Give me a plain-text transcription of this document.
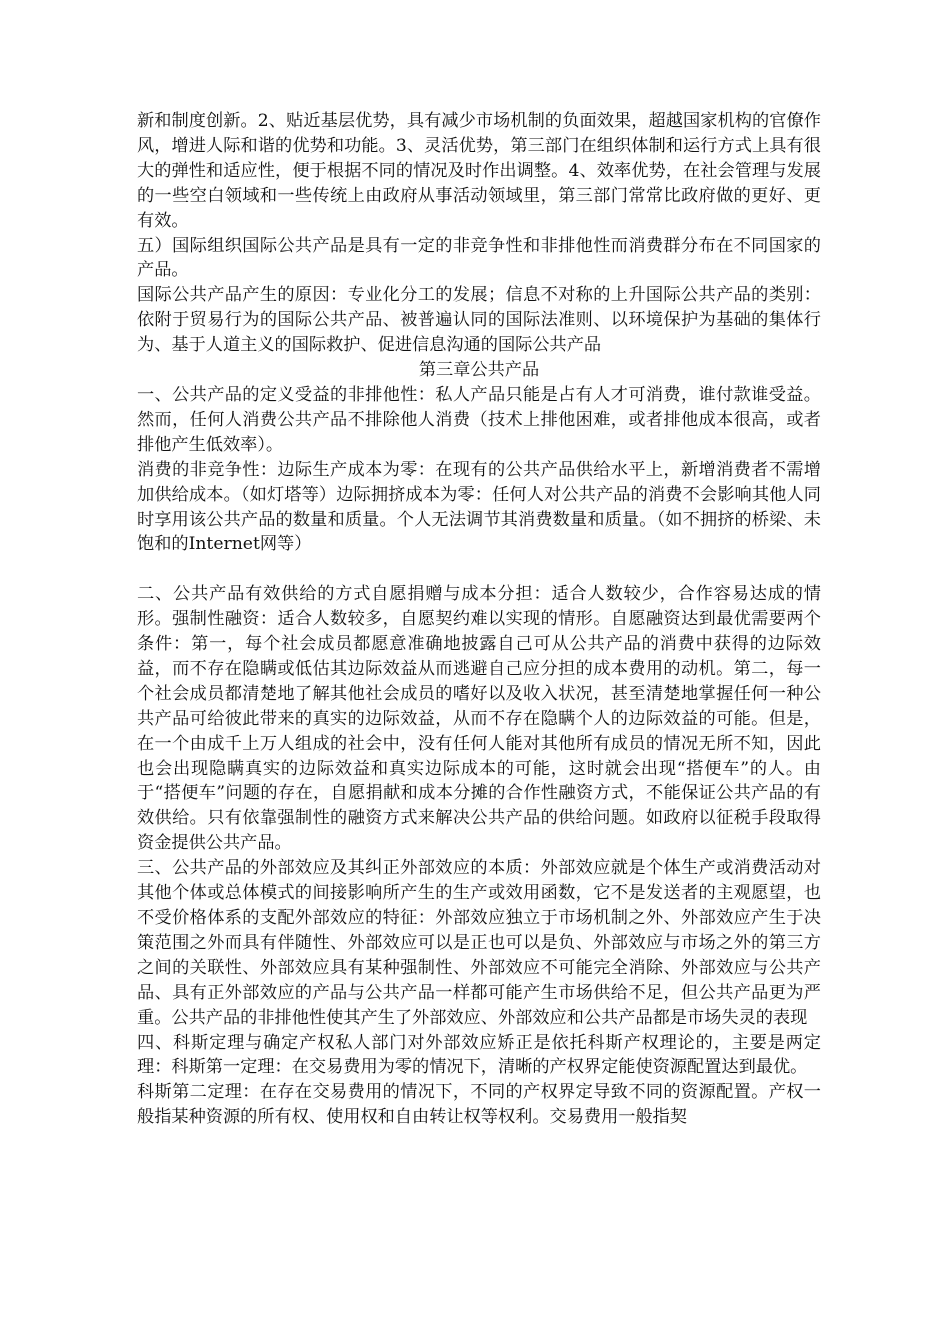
新和制度创新。2、贴近基层优势，具有减少市场机制的负面效果，超越国家机构的官僚作风，增进人际和谐的优势和功能。3、灵活优势，第三部门在组织体制和运行方式上具有很大的弹性和适应性，便于根据不同的情况及时作出调整。4、效率优势，在社会管理与发展的一些空白领域和一些传统上由政府从事活动领域里，第三部门常常比政府做的更好、更有效。

五）国际组织国际公共产品是具有一定的非竞争性和非排他性而消费群分布在不同国家的产品。

国际公共产品产生的原因：专业化分工的发展；信息不对称的上升国际公共产品的类别：依附于贸易行为的国际公共产品、被普遍认同的国际法准则、以环境保护为基础的集体行为、基于人道主义的国际救护、促进信息沟通的国际公共产品

第三章公共产品

一、公共产品的定义受益的非排他性：私人产品只能是占有人才可消费，谁付款谁受益。然而，任何人消费公共产品不排除他人消费（技术上排他困难，或者排他成本很高，或者排他产生低效率）。

消费的非竞争性：边际生产成本为零：在现有的公共产品供给水平上，新增消费者不需增加供给成本。（如灯塔等）边际拥挤成本为零：任何人对公共产品的消费不会影响其他人同时享用该公共产品的数量和质量。个人无法调节其消费数量和质量。（如不拥挤的桥梁、未饱和的Internet网等）

二、公共产品有效供给的方式自愿捐赠与成本分担：适合人数较少，合作容易达成的情形。强制性融资：适合人数较多，自愿契约难以实现的情形。自愿融资达到最优需要两个条件：第一，每个社会成员都愿意准确地披露自己可从公共产品的消费中获得的边际效益，而不存在隐瞒或低估其边际效益从而逃避自己应分担的成本费用的动机。第二，每一个社会成员都清楚地了解其他社会成员的嗜好以及收入状况，甚至清楚地掌握任何一种公共产品可给彼此带来的真实的边际效益，从而不存在隐瞒个人的边际效益的可能。但是，在一个由成千上万人组成的社会中，没有任何人能对其他所有成员的情况无所不知，因此也会出现隐瞒真实的边际效益和真实边际成本的可能，这时就会出现“搭便车”的人。由于“搭便车”问题的存在，自愿捐献和成本分摊的合作性融资方式，不能保证公共产品的有效供给。只有依靠强制性的融资方式来解决公共产品的供给问题。如政府以征税手段取得资金提供公共产品。

三、公共产品的外部效应及其纠正外部效应的本质：外部效应就是个体生产或消费活动对其他个体或总体模式的间接影响所产生的生产或效用函数，它不是发送者的主观愿望，也不受价格体系的支配外部效应的特征：外部效应独立于市场机制之外、外部效应产生于决策范围之外而具有伴随性、外部效应可以是正也可以是负、外部效应与市场之外的第三方之间的关联性、外部效应具有某种强制性、外部效应不可能完全消除、外部效应与公共产品、具有正外部效应的产品与公共产品一样都可能产生市场供给不足，但公共产品更为严重。公共产品的非排他性使其产生了外部效应、外部效应和公共产品都是市场失灵的表现

四、科斯定理与确定产权私人部门对外部效应矫正是依托科斯产权理论的，主要是两定理：科斯第一定理：在交易费用为零的情况下，清晰的产权界定能使资源配置达到最优。

科斯第二定理：在存在交易费用的情况下，不同的产权界定导致不同的资源配置。产权一般指某种资源的所有权、使用权和自由转让权等权利。交易费用一般指契
